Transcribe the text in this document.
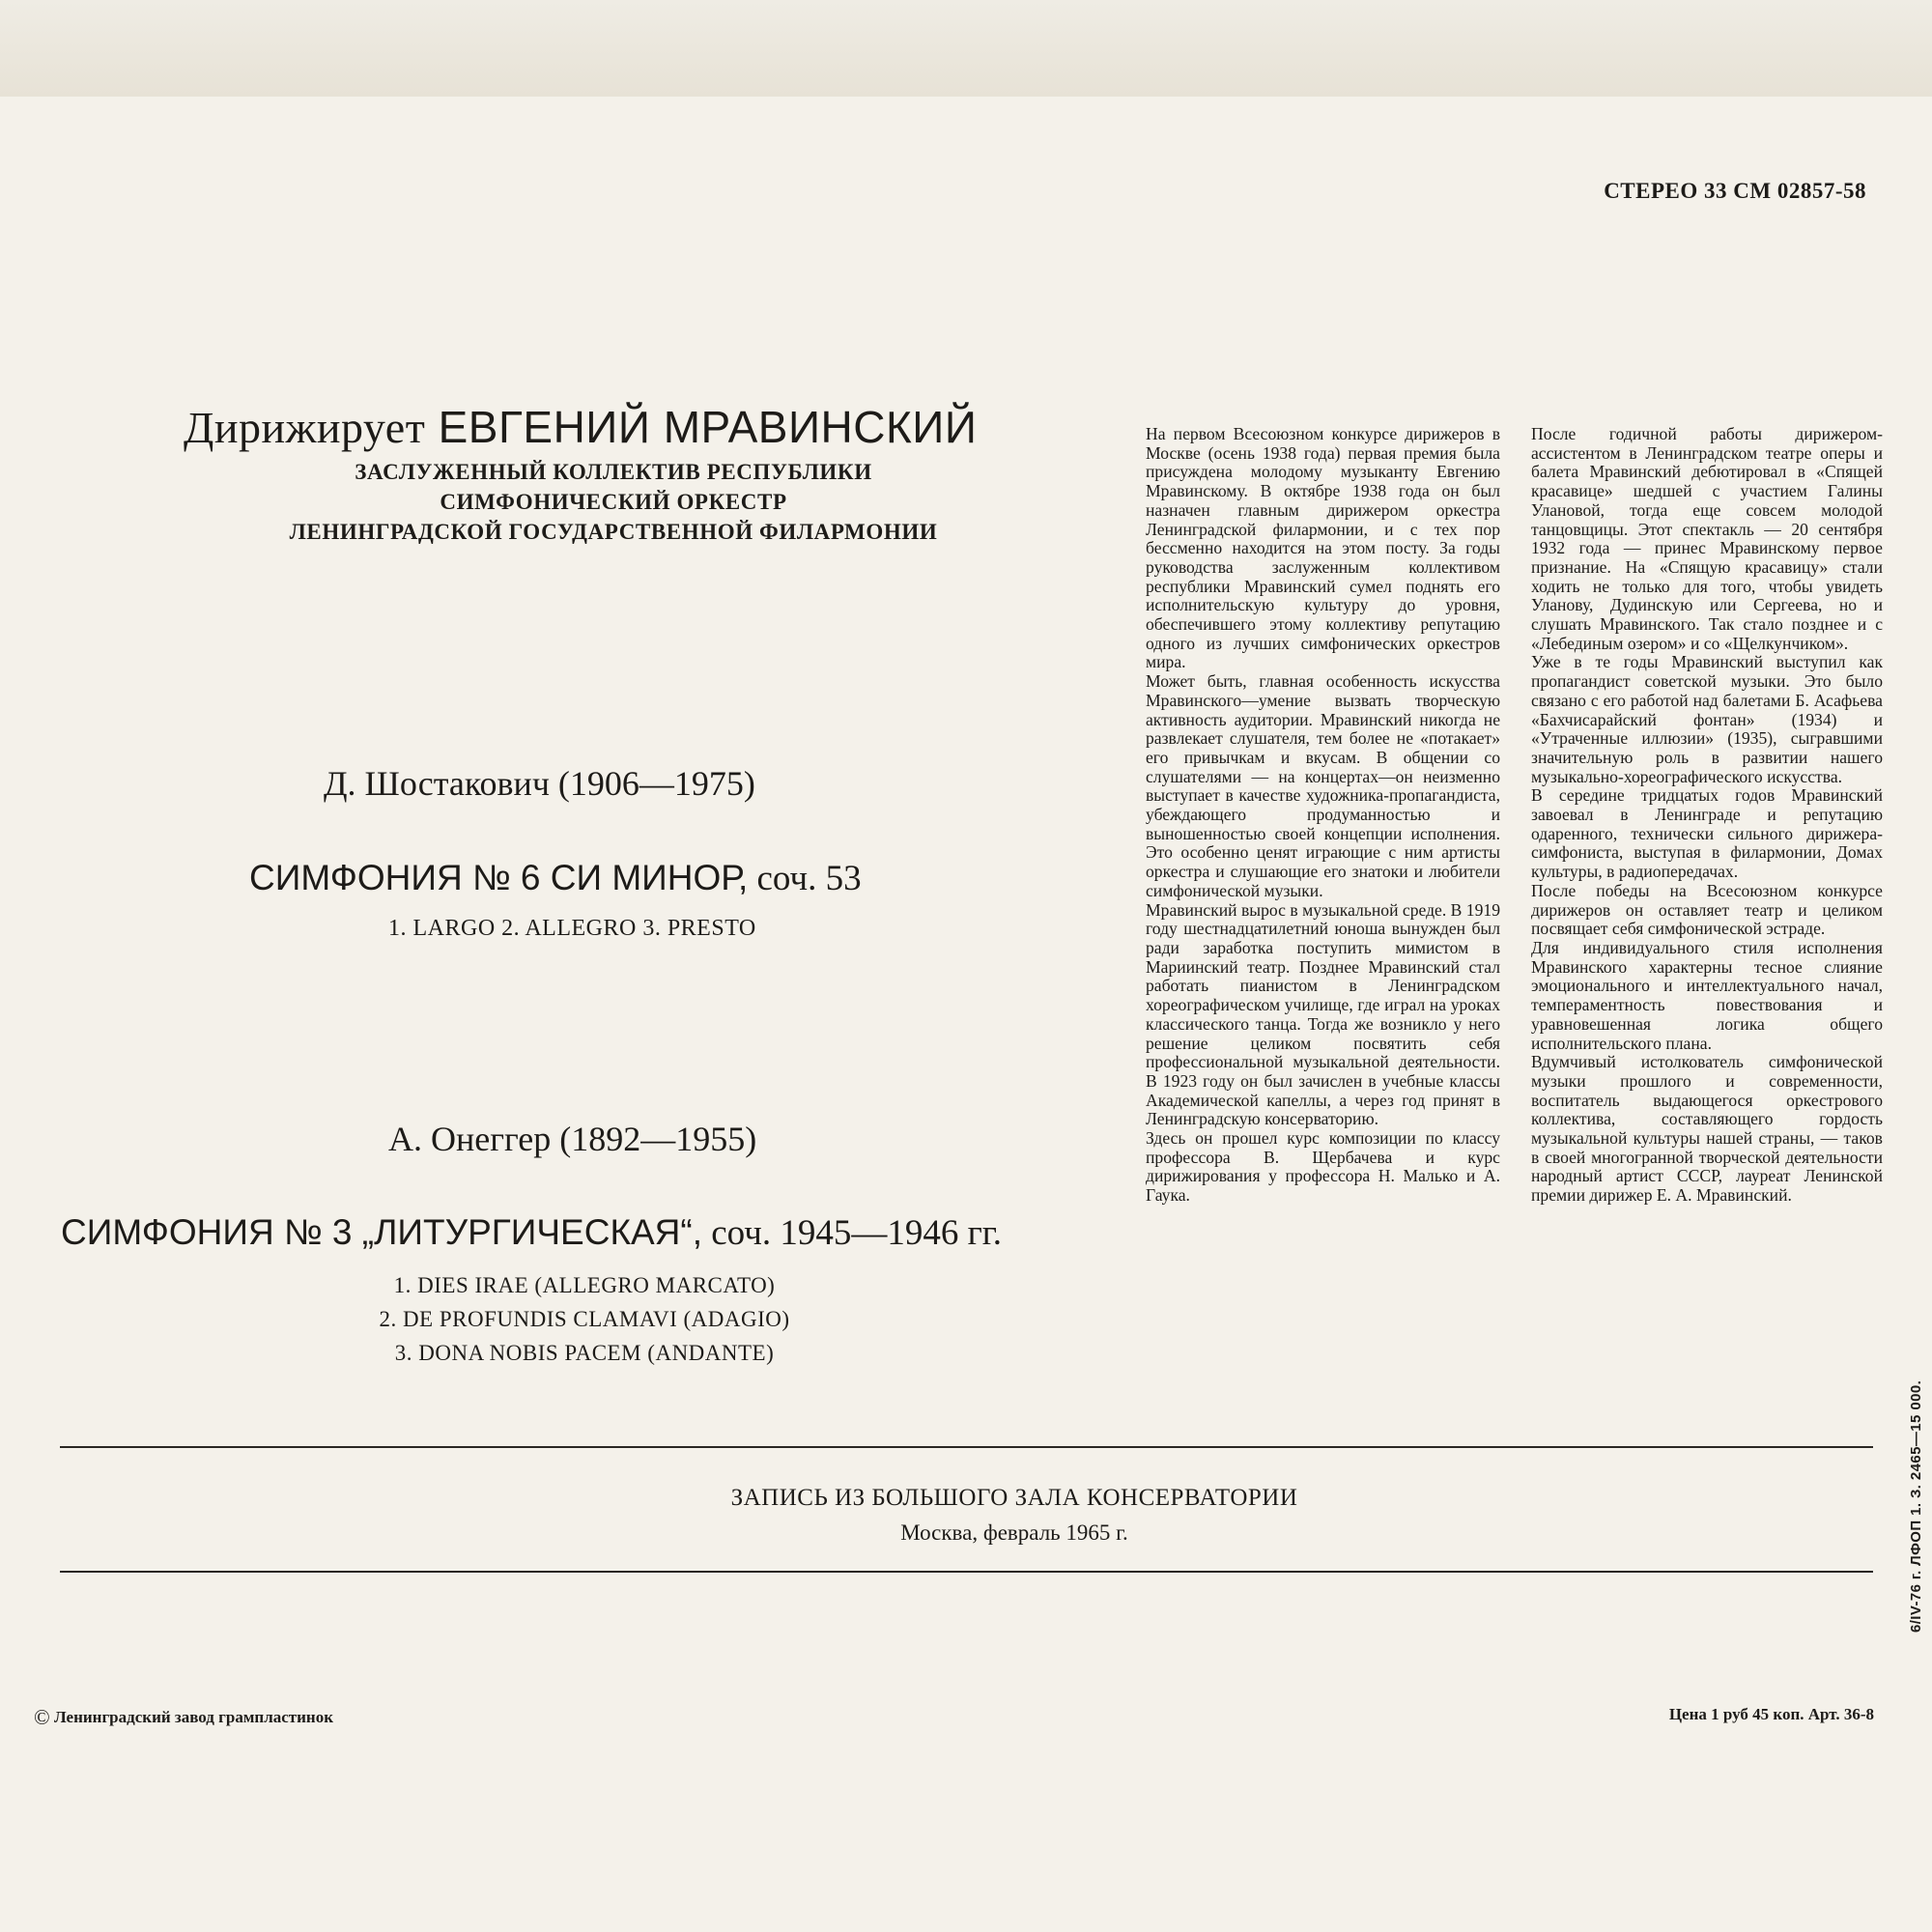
СТЕРЕО 33 СМ 02857-58
Дирижирует ЕВГЕНИЙ МРАВИНСКИЙ
ЗАСЛУЖЕННЫЙ КОЛЛЕКТИВ РЕСПУБЛИКИ
СИМФОНИЧЕСКИЙ ОРКЕСТР
ЛЕНИНГРАДСКОЙ ГОСУДАРСТВЕННОЙ ФИЛАРМОНИИ
Д. Шостакович (1906—1975)
СИМФОНИЯ № 6 СИ МИНОР, соч. 53
1. LARGO 2. ALLEGRO 3. PRESTO
А. Онеггер (1892—1955)
СИМФОНИЯ № 3 „ЛИТУРГИЧЕСКАЯ“, соч. 1945—1946 гг.
1. DIES IRAE (ALLEGRO MARCATO)
2. DE PROFUNDIS CLAMAVI (ADAGIO)
3. DONA NOBIS PACEM (ANDANTE)

На первом Всесоюзном конкурсе дирижеров в Москве (осень 1938 года) первая премия была присуждена молодому музыканту Евгению Мравинскому. В октябре 1938 года он был назначен главным дирижером оркестра Ленинградской филармонии, и с тех пор бессменно находится на этом посту. За годы руководства заслуженным коллективом республики Мравинский сумел поднять его исполнительскую культуру до уровня, обеспечившего этому коллективу репутацию одного из лучших симфонических оркестров мира.

Может быть, главная особенность искусства Мравинского—умение вызвать творческую активность аудитории. Мравинский никогда не развлекает слушателя, тем более не «потакает» его привычкам и вкусам. В общении со слушателями — на концертах—он неизменно выступает в качестве художника-пропагандиста, убеждающего продуманностью и выношенностью своей концепции исполнения. Это особенно ценят играющие с ним артисты оркестра и слушающие его знатоки и любители симфонической музыки.

Мравинский вырос в музыкальной среде. В 1919 году шестнадцатилетний юноша вынужден был ради заработка поступить мимистом в Мариинский театр. Позднее Мравинский стал работать пианистом в Ленинградском хореографическом училище, где играл на уроках классического танца. Тогда же возникло у него решение целиком посвятить себя профессиональной музыкальной деятельности. В 1923 году он был зачислен в учебные классы Академической капеллы, а через год принят в Ленинградскую консерваторию.

Здесь он прошел курс композиции по классу профессора В. Щербачева и курс дирижирования у профессора Н. Малько и А. Гаука.

После годичной работы дирижером-ассистентом в Ленинградском театре оперы и балета Мравинский дебютировал в «Спящей красавице» шедшей с участием Галины Улановой, тогда еще совсем молодой танцовщицы. Этот спектакль — 20 сентября 1932 года — принес Мравинскому первое признание. На «Спящую красавицу» стали ходить не только для того, чтобы увидеть Уланову, Дудинскую или Сергеева, но и слушать Мравинского. Так стало позднее и с «Лебединым озером» и со «Щелкунчиком».

Уже в те годы Мравинский выступил как пропагандист советской музыки. Это было связано с его работой над балетами Б. Асафьева «Бахчисарайский фонтан» (1934) и «Утраченные иллюзии» (1935), сыгравшими значительную роль в развитии нашего музыкально-хореографического искусства.

В середине тридцатых годов Мравинский завоевал в Ленинграде и репутацию одаренного, технически сильного дирижера-симфониста, выступая в филармонии, Домах культуры, в радиопередачах.

После победы на Всесоюзном конкурсе дирижеров он оставляет театр и целиком посвящает себя симфонической эстраде.

Для индивидуального стиля исполнения Мравинского характерны тесное слияние эмоционального и интеллектуального начал, темпераментность повествования и уравновешенная логика общего исполнительского плана.

Вдумчивый истолкователь симфонической музыки прошлого и современности, воспитатель выдающегося оркестрового коллектива, составляющего гордость музыкальной культуры нашей страны, — таков в своей многогранной творческой деятельности народный артист СССР, лауреат Ленинской премии дирижер Е. А. Мравинский.

ЗАПИСЬ ИЗ БОЛЬШОГО ЗАЛА КОНСЕРВАТОРИИ
Москва, февраль 1965 г.
© Ленинградский завод грампластинок	Цена 1 руб 45 коп. Арт. 36-8
6/IV-76 г. ЛФОП 1. З. 2465—15 000.
